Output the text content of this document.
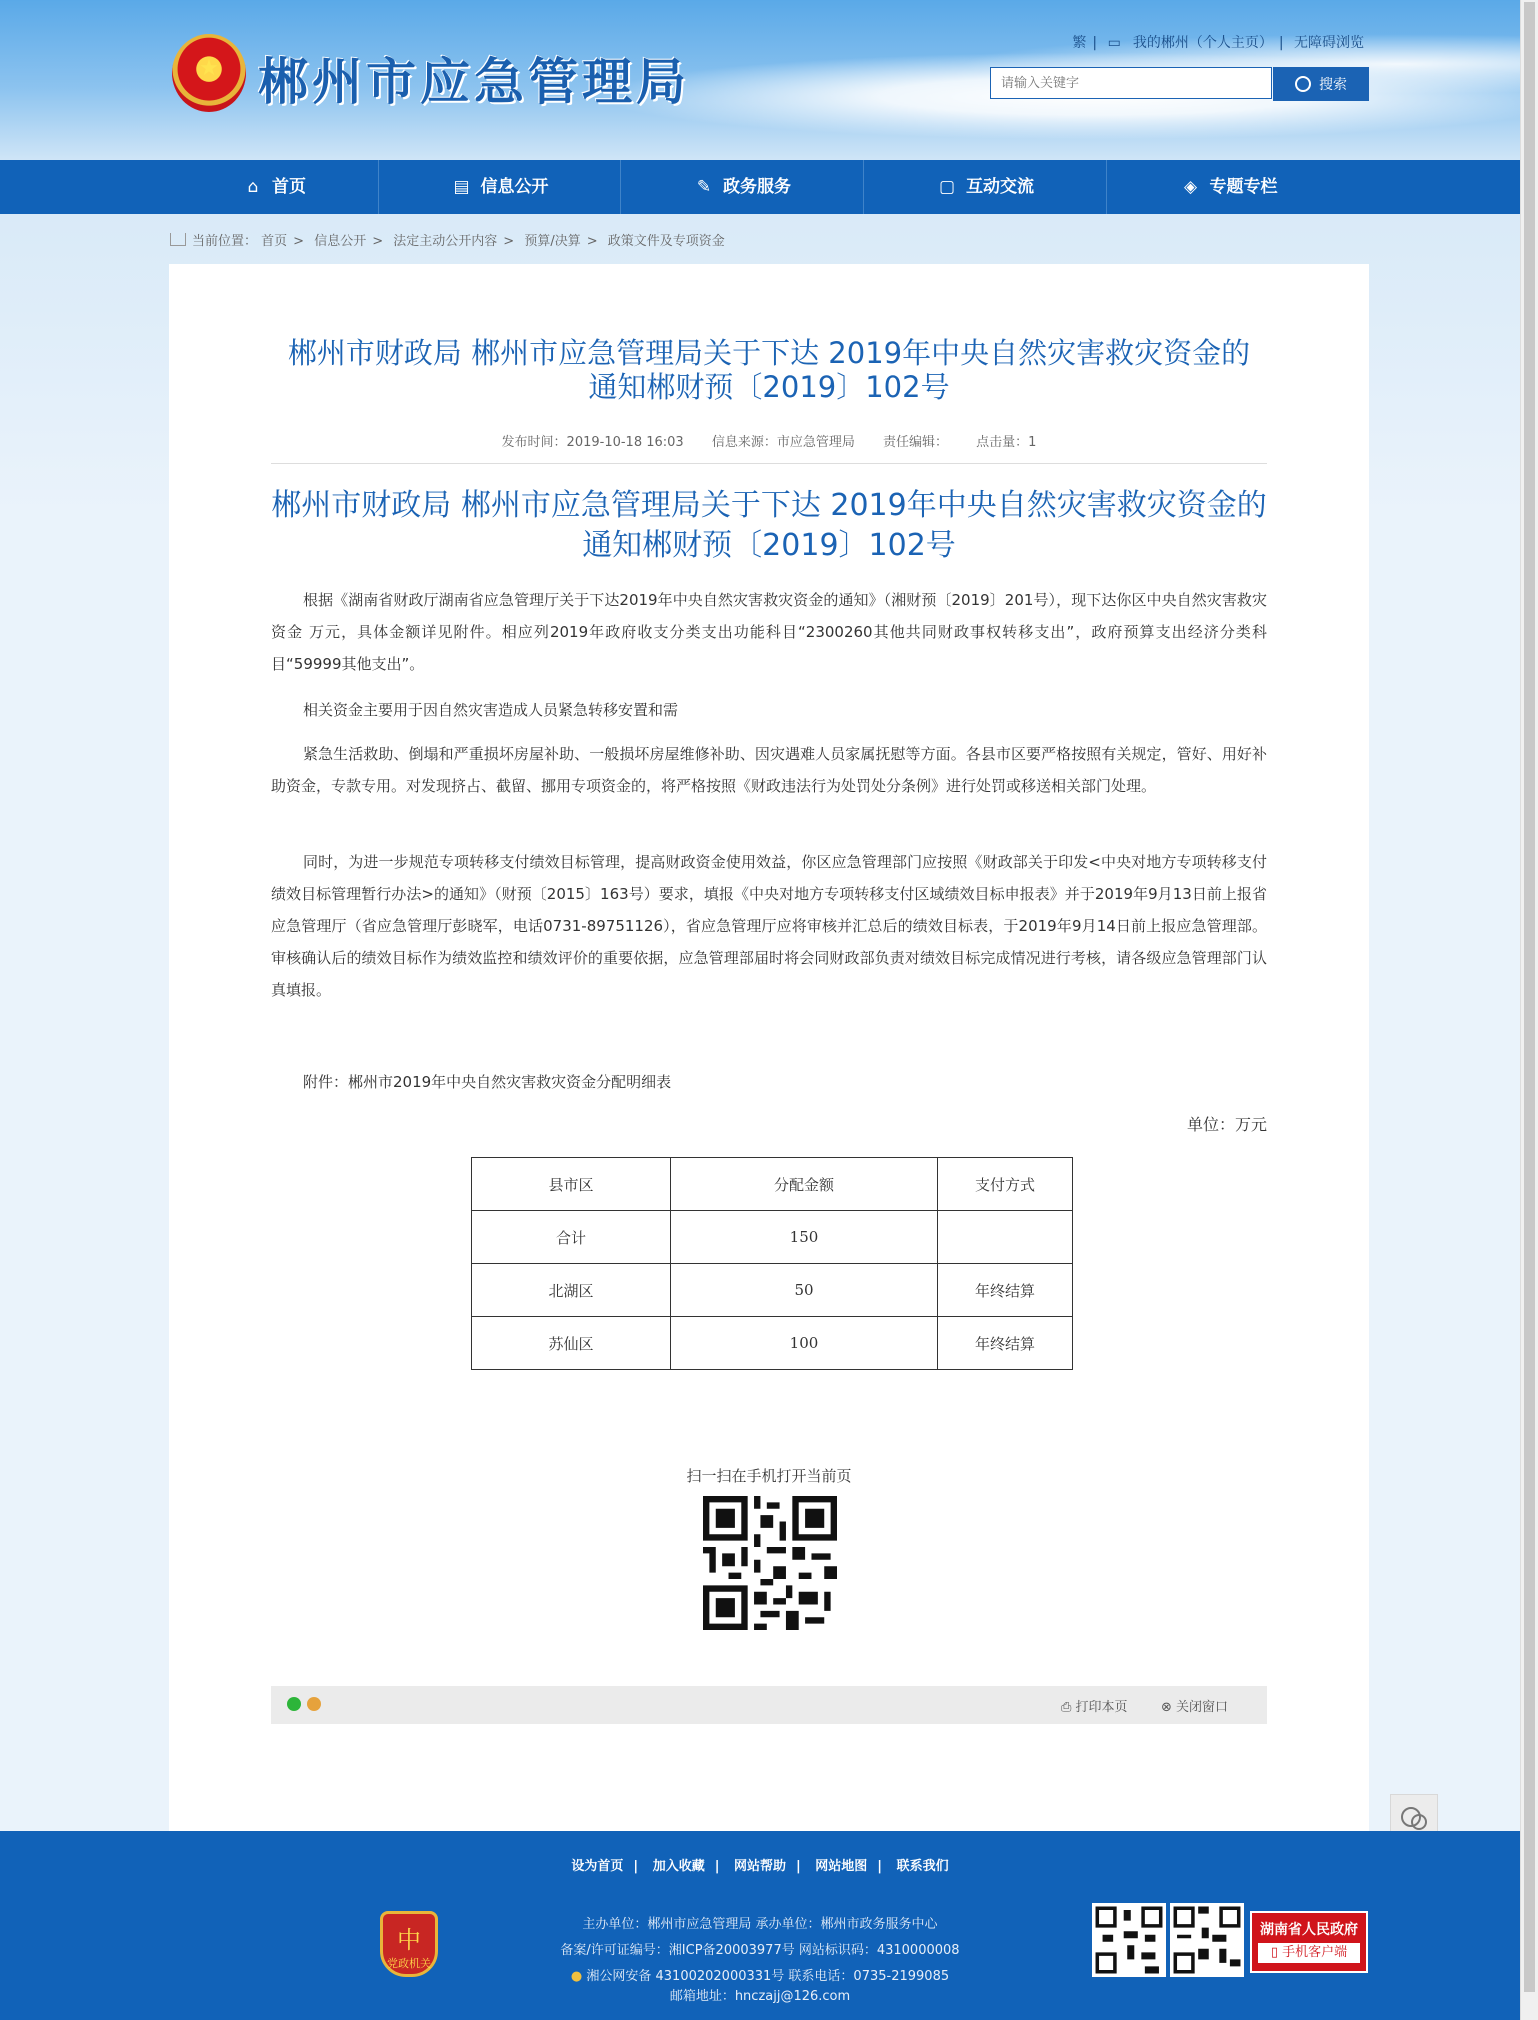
★ 郴州市应急管理局
繁 | ▭ 我的郴州（个人主页） | 无障碍浏览
请输入关键字
搜索
⌂ 首页	▤ 信息公开	✎ 政务服务	▢ 互动交流	◈ 专题专栏
当前位置： 首页 > 信息公开 > 法定主动公开内容 > 预算/决算 > 政策文件及专项资金
郴州市财政局 郴州市应急管理局关于下达 2019年中央自然灾害救灾资金的
通知郴财预〔2019〕102号
发布时间：2019-10-18 16:03 信息来源：市应急管理局 责任编辑： 点击量：1
郴州市财政局 郴州市应急管理局关于下达 2019年中央自然灾害救灾资金的
通知郴财预〔2019〕102号
根据《湖南省财政厅湖南省应急管理厅关于下达2019年中央自然灾害救灾资金的通知》（湘财预〔2019〕201号），现下达你区中央自然灾害救灾资金 万元，具体金额详见附件。相应列2019年政府收支分类支出功能科目“2300260其他共同财政事权转移支出”，政府预算支出经济分类科目“59999其他支出”。
相关资金主要用于因自然灾害造成人员紧急转移安置和需
紧急生活救助、倒塌和严重损坏房屋补助、一般损坏房屋维修补助、因灾遇难人员家属抚慰等方面。各县市区要严格按照有关规定，管好、用好补助资金，专款专用。对发现挤占、截留、挪用专项资金的，将严格按照《财政违法行为处罚处分条例》进行处罚或移送相关部门处理。
同时，为进一步规范专项转移支付绩效目标管理，提高财政资金使用效益，你区应急管理部门应按照《财政部关于印发<中央对地方专项转移支付绩效目标管理暂行办法>的通知》（财预〔2015〕163号）要求，填报《中央对地方专项转移支付区域绩效目标申报表》并于2019年9月13日前上报省应急管理厅（省应急管理厅彭晓军，电话0731-89751126），省应急管理厅应将审核并汇总后的绩效目标表，于2019年9月14日前上报应急管理部。审核确认后的绩效目标作为绩效监控和绩效评价的重要依据，应急管理部届时将会同财政部负责对绩效目标完成情况进行考核，请各级应急管理部门认真填报。
附件：郴州市2019年中央自然灾害救灾资金分配明细表
单位：万元
县市区	分配金额	支付方式
合计	150	
北湖区	50	年终结算
苏仙区	100	年终结算
扫一扫在手机打开当前页
⎙ 打印本页	⊗ 关闭窗口
设为首页 | 加入收藏 | 网站帮助 | 网站地图 | 联系我们
中
党政机关
主办单位：郴州市应急管理局 承办单位：郴州市政务服务中心
备案/许可证编号：湘ICP备20003977号 网站标识码：4310000008
● 湘公网安备 43100202000331号 联系电话：0735-2199085
邮箱地址：hnczajj@126.com
湖南省人民政府
▯ 手机客户端
